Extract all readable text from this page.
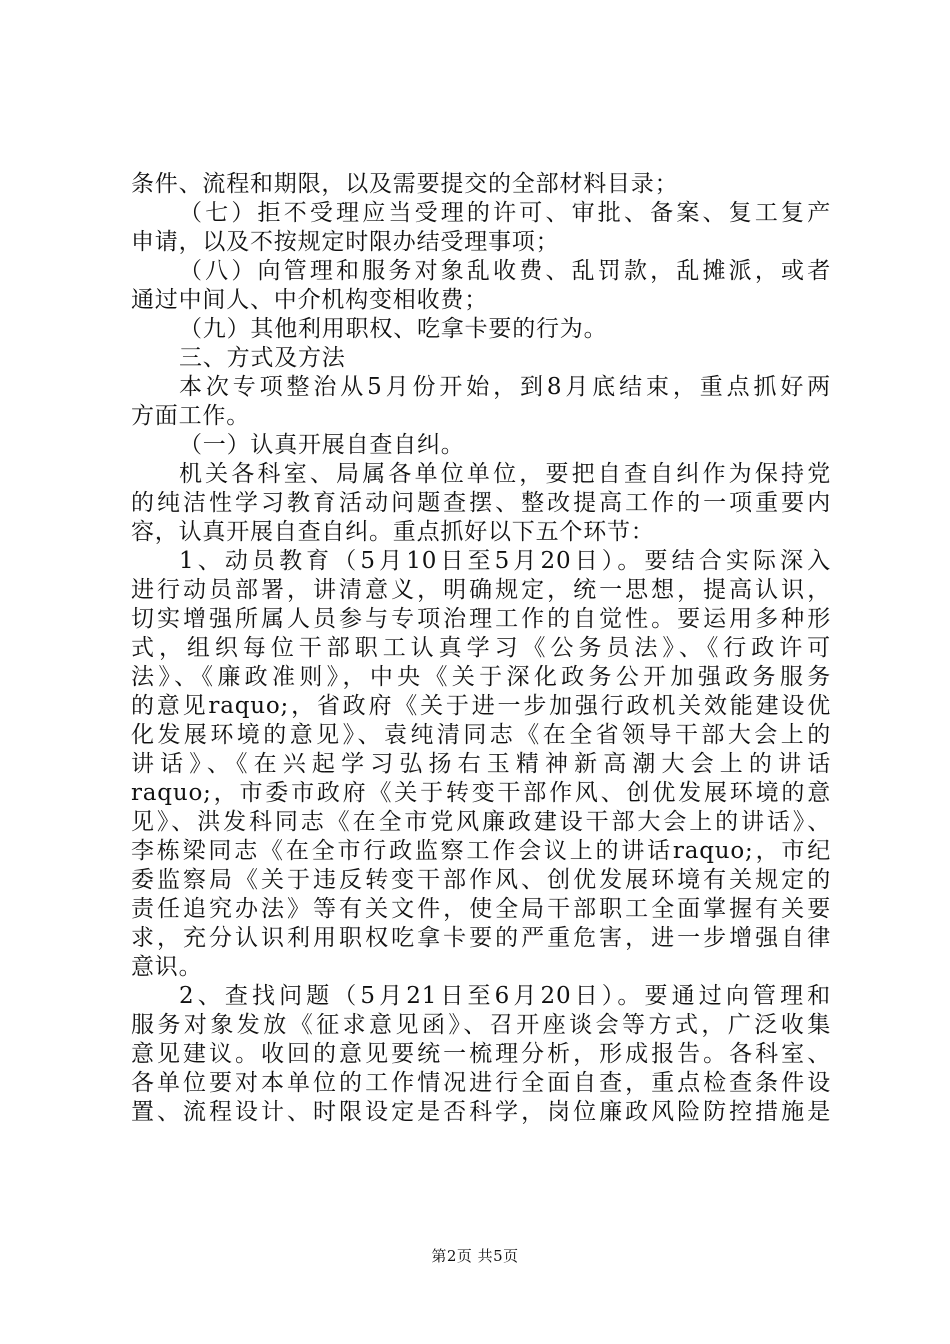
条件、流程和期限，以及需要提交的全部材料目录；
（七）拒不受理应当受理的许可、审批、备案、复工复产
申请，以及不按规定时限办结受理事项；
（八）向管理和服务对象乱收费、乱罚款，乱摊派，或者
通过中间人、中介机构变相收费；
（九）其他利用职权、吃拿卡要的行为。
三、方式及方法
本次专项整治从5月份开始，到8月底结束，重点抓好两
方面工作。
（一）认真开展自查自纠。
机关各科室、局属各单位单位，要把自查自纠作为保持党
的纯洁性学习教育活动问题查摆、整改提高工作的一项重要内
容，认真开展自查自纠。重点抓好以下五个环节：
1、动员教育（5月10日至5月20日）。要结合实际深入
进行动员部署，讲清意义，明确规定，统一思想，提高认识，
切实增强所属人员参与专项治理工作的自觉性。要运用多种形
式，组织每位干部职工认真学习《公务员法》、《行政许可
法》、《廉政准则》，中央《关于深化政务公开加强政务服务
的意见raquo;，省政府《关于进一步加强行政机关效能建设优
化发展环境的意见》、袁纯清同志《在全省领导干部大会上的
讲话》、《在兴起学习弘扬右玉精神新高潮大会上的讲话
raquo;，市委市政府《关于转变干部作风、创优发展环境的意
见》、洪发科同志《在全市党风廉政建设干部大会上的讲话》、
李栋梁同志《在全市行政监察工作会议上的讲话raquo;，市纪
委监察局《关于违反转变干部作风、创优发展环境有关规定的
责任追究办法》等有关文件，使全局干部职工全面掌握有关要
求，充分认识利用职权吃拿卡要的严重危害，进一步增强自律
意识。
2、查找问题（5月21日至6月20日）。要通过向管理和
服务对象发放《征求意见函》、召开座谈会等方式，广泛收集
意见建议。收回的意见要统一梳理分析，形成报告。各科室、
各单位要对本单位的工作情况进行全面自查，重点检查条件设
置、流程设计、时限设定是否科学，岗位廉政风险防控措施是
第2页 共5页
